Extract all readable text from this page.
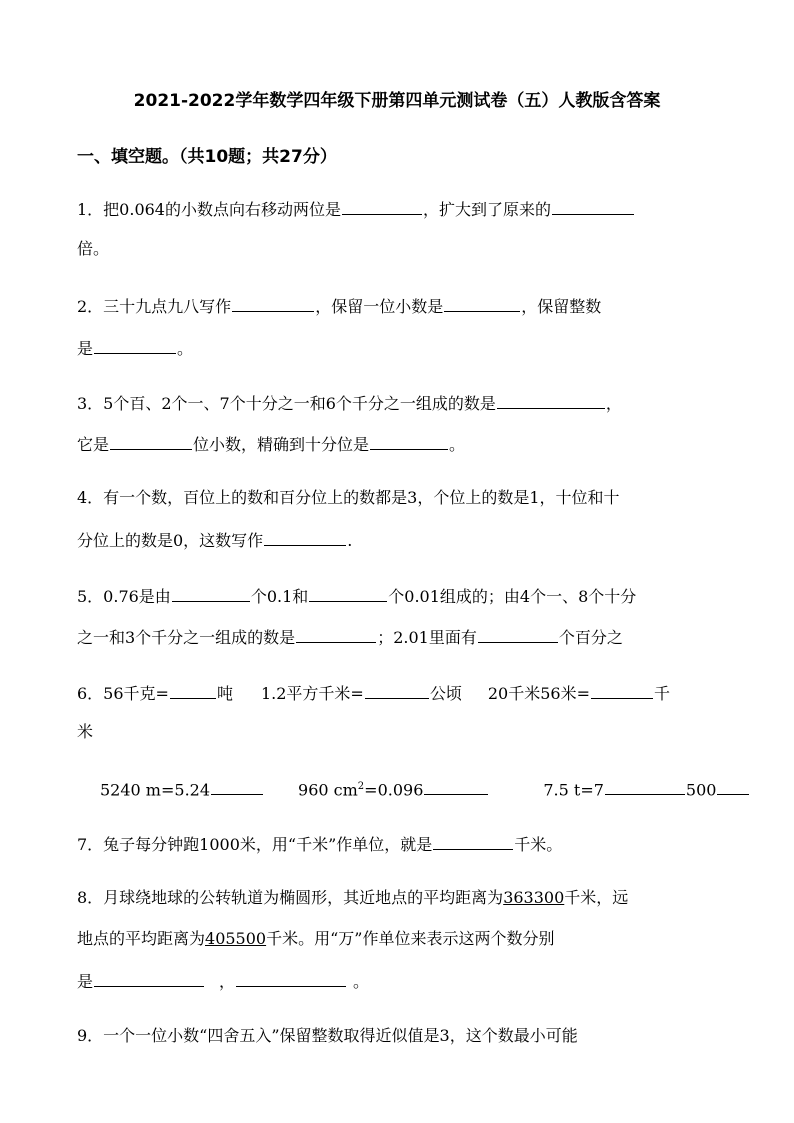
2021-2022学年数学四年级下册第四单元测试卷（五）人教版含答案
一、填空题。（共10题；共27分）
1．把0.064的小数点向右移动两位是	，扩大到了原来的
倍。
2．三十九点九八写作	，保留一位小数是	，保留整数
是	。
3．5个百、2个一、7个十分之一和6个千分之一组成的数是	，
它是	位小数，精确到十分位是	。
4．有一个数，百位上的数和百分位上的数都是3，个位上的数是1，十位和十
分位上的数是0，这数写作	.
5．0.76是由	个0.1和	个0.01组成的；由4个一、8个十分
之一和3个千分之一组成的数是	；2.01里面有	个百分之
6．56千克=	吨 1.2平方千米=	公顷 20千米56米=	千
米
5240 m=5.24	960 $cm^2=0.096$	7.5 t=7	500
7．兔子每分钟跑1000米，用“千米”作单位，就是	千米。
8．月球绕地球的公转轨道为椭圆形，其近地点的平均距离为363300千米，远
地点的平均距离为405500千米。用“万”作单位来表示这两个数分别
是	，	。
9．一个一位小数“四舍五入”保留整数取得近似值是3，这个数最小可能
